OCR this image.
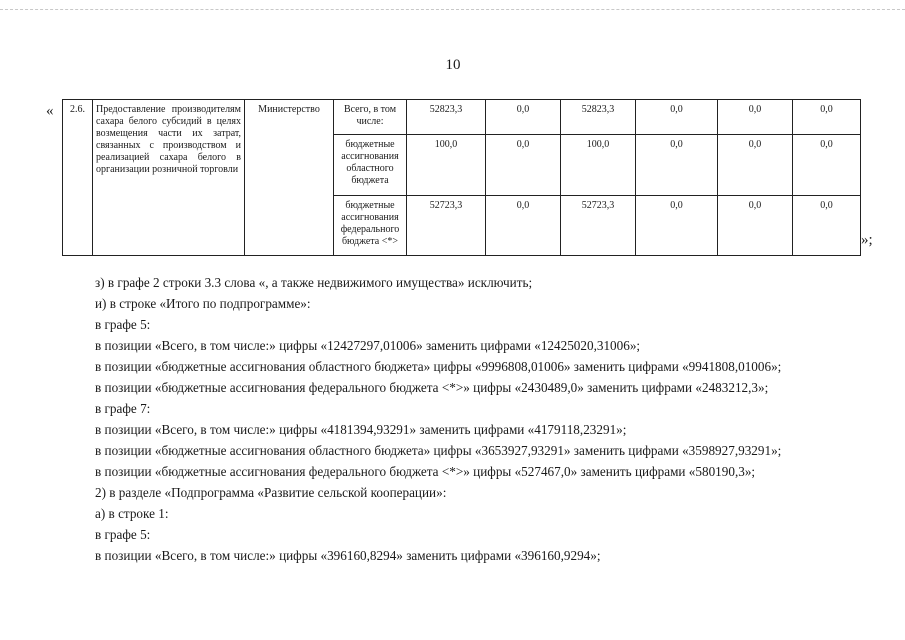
10
«
»;
2.6.	Предоставление производителям сахара белого субсидий в целях возмещения части их затрат, связанных с производством и реализацией сахара белого в организации розничной торговли	Министерство	Всего, в том числе:	52823,3	0,0	52823,3	0,0	0,0	0,0
			бюджетные ассигнования областного бюджета	100,0	0,0	100,0	0,0	0,0	0,0
			бюджетные ассигнования федерального бюджета <*>	52723,3	0,0	52723,3	0,0	0,0	0,0

з) в графе 2 строки 3.3 слова «, а также недвижимого имущества» исключить;

и) в строке «Итого по подпрограмме»:

в графе 5:

в позиции «Всего, в том числе:» цифры «12427297,01006» заменить цифрами «12425020,31006»;

в позиции «бюджетные ассигнования областного бюджета» цифры «9996808,01006» заменить цифрами «9941808,01006»;

в позиции «бюджетные ассигнования федерального бюджета <*>» цифры «2430489,0» заменить цифрами «2483212,3»;

в графе 7:

в позиции «Всего, в том числе:» цифры «4181394,93291» заменить цифрами «4179118,23291»;

в позиции «бюджетные ассигнования областного бюджета» цифры «3653927,93291» заменить цифрами «3598927,93291»;

в позиции «бюджетные ассигнования федерального бюджета <*>» цифры «527467,0» заменить цифрами «580190,3»;

2) в разделе «Подпрограмма «Развитие сельской кооперации»:

а) в строке 1:

в графе 5:

в позиции «Всего, в том числе:» цифры «396160,8294» заменить цифрами «396160,9294»;
